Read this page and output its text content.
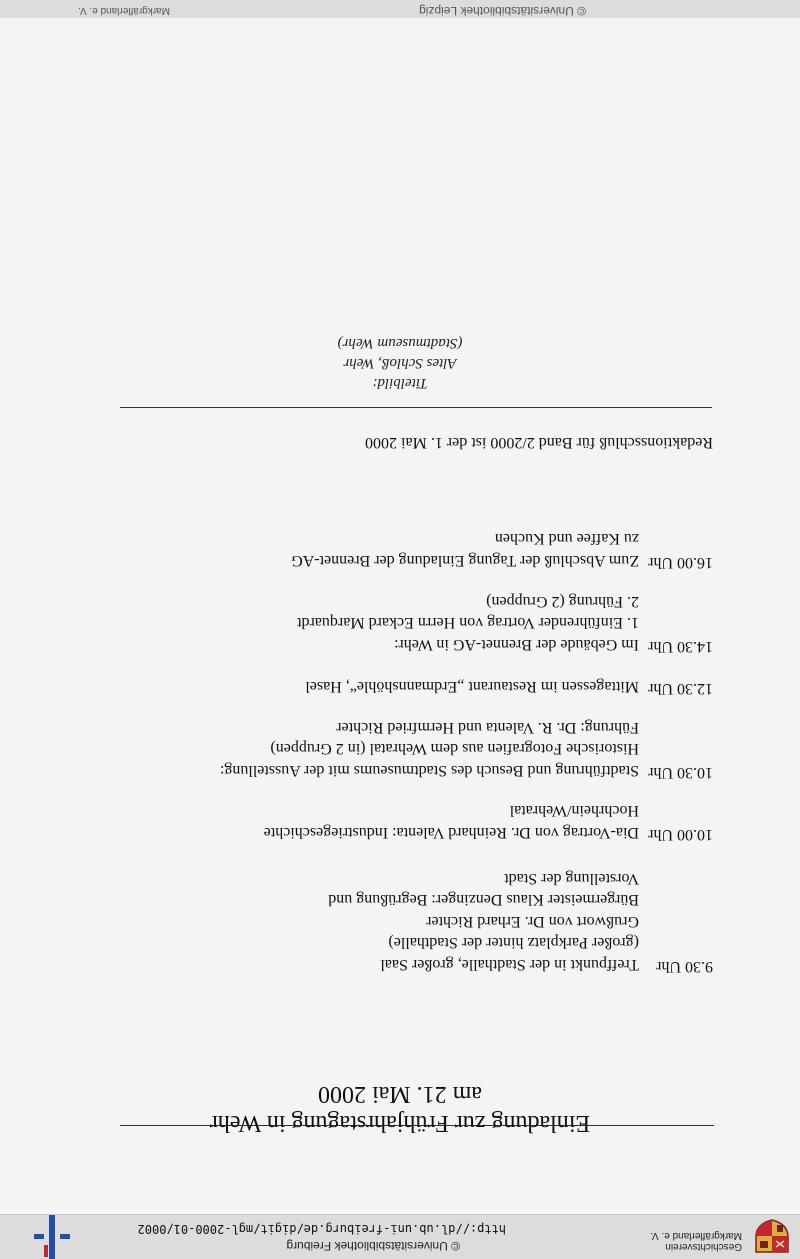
Geschichtsverein
Markgräflerland e. V.
© Universitätsbibliothek Freiburg
http://dl.ub.uni-freiburg.de/digit/mgl-2000-01/0002
Einladung zur Frühjahrstagung in Wehr
am 21. Mai 2000
9.30 Uhr
Treffpunkt in der Stadthalle, großer Saal
(großer Parkplatz hinter der Stadthalle)
Grußwort von Dr. Erhard Richter
Bürgermeister Klaus Denzinger: Begrüßung und
Vorstellung der Stadt
10.00 Uhr
Dia-Vortrag von Dr. Reinhard Valenta: Industriegeschichte
Hochrhein/Wehratal
10.30 Uhr
Stadtführung und Besuch des Stadtmuseums mit der Ausstellung:
Historische Fotografien aus dem Wehratal (in 2 Gruppen)
Führung: Dr. R. Valenta und Hermfried Richter
12.30 Uhr
Mittagessen im Restaurant „Erdmannshöhle“, Hasel
14.30 Uhr
Im Gebäude der Brennet-AG in Wehr:
1. Einführender Vortrag von Herrn Eckard Marquardt
2. Führung (2 Gruppen)
16.00 Uhr
Zum Abschluß der Tagung Einladung der Brennet-AG
zu Kaffee und Kuchen
Redaktionsschluß für Band 2/2000 ist der 1. Mai 2000
Titelbild:
Altes Schloß, Wehr
(Stadtmuseum Wehr)
© Universitätsbibliothek Leipzig
Markgräflerland e. V.
